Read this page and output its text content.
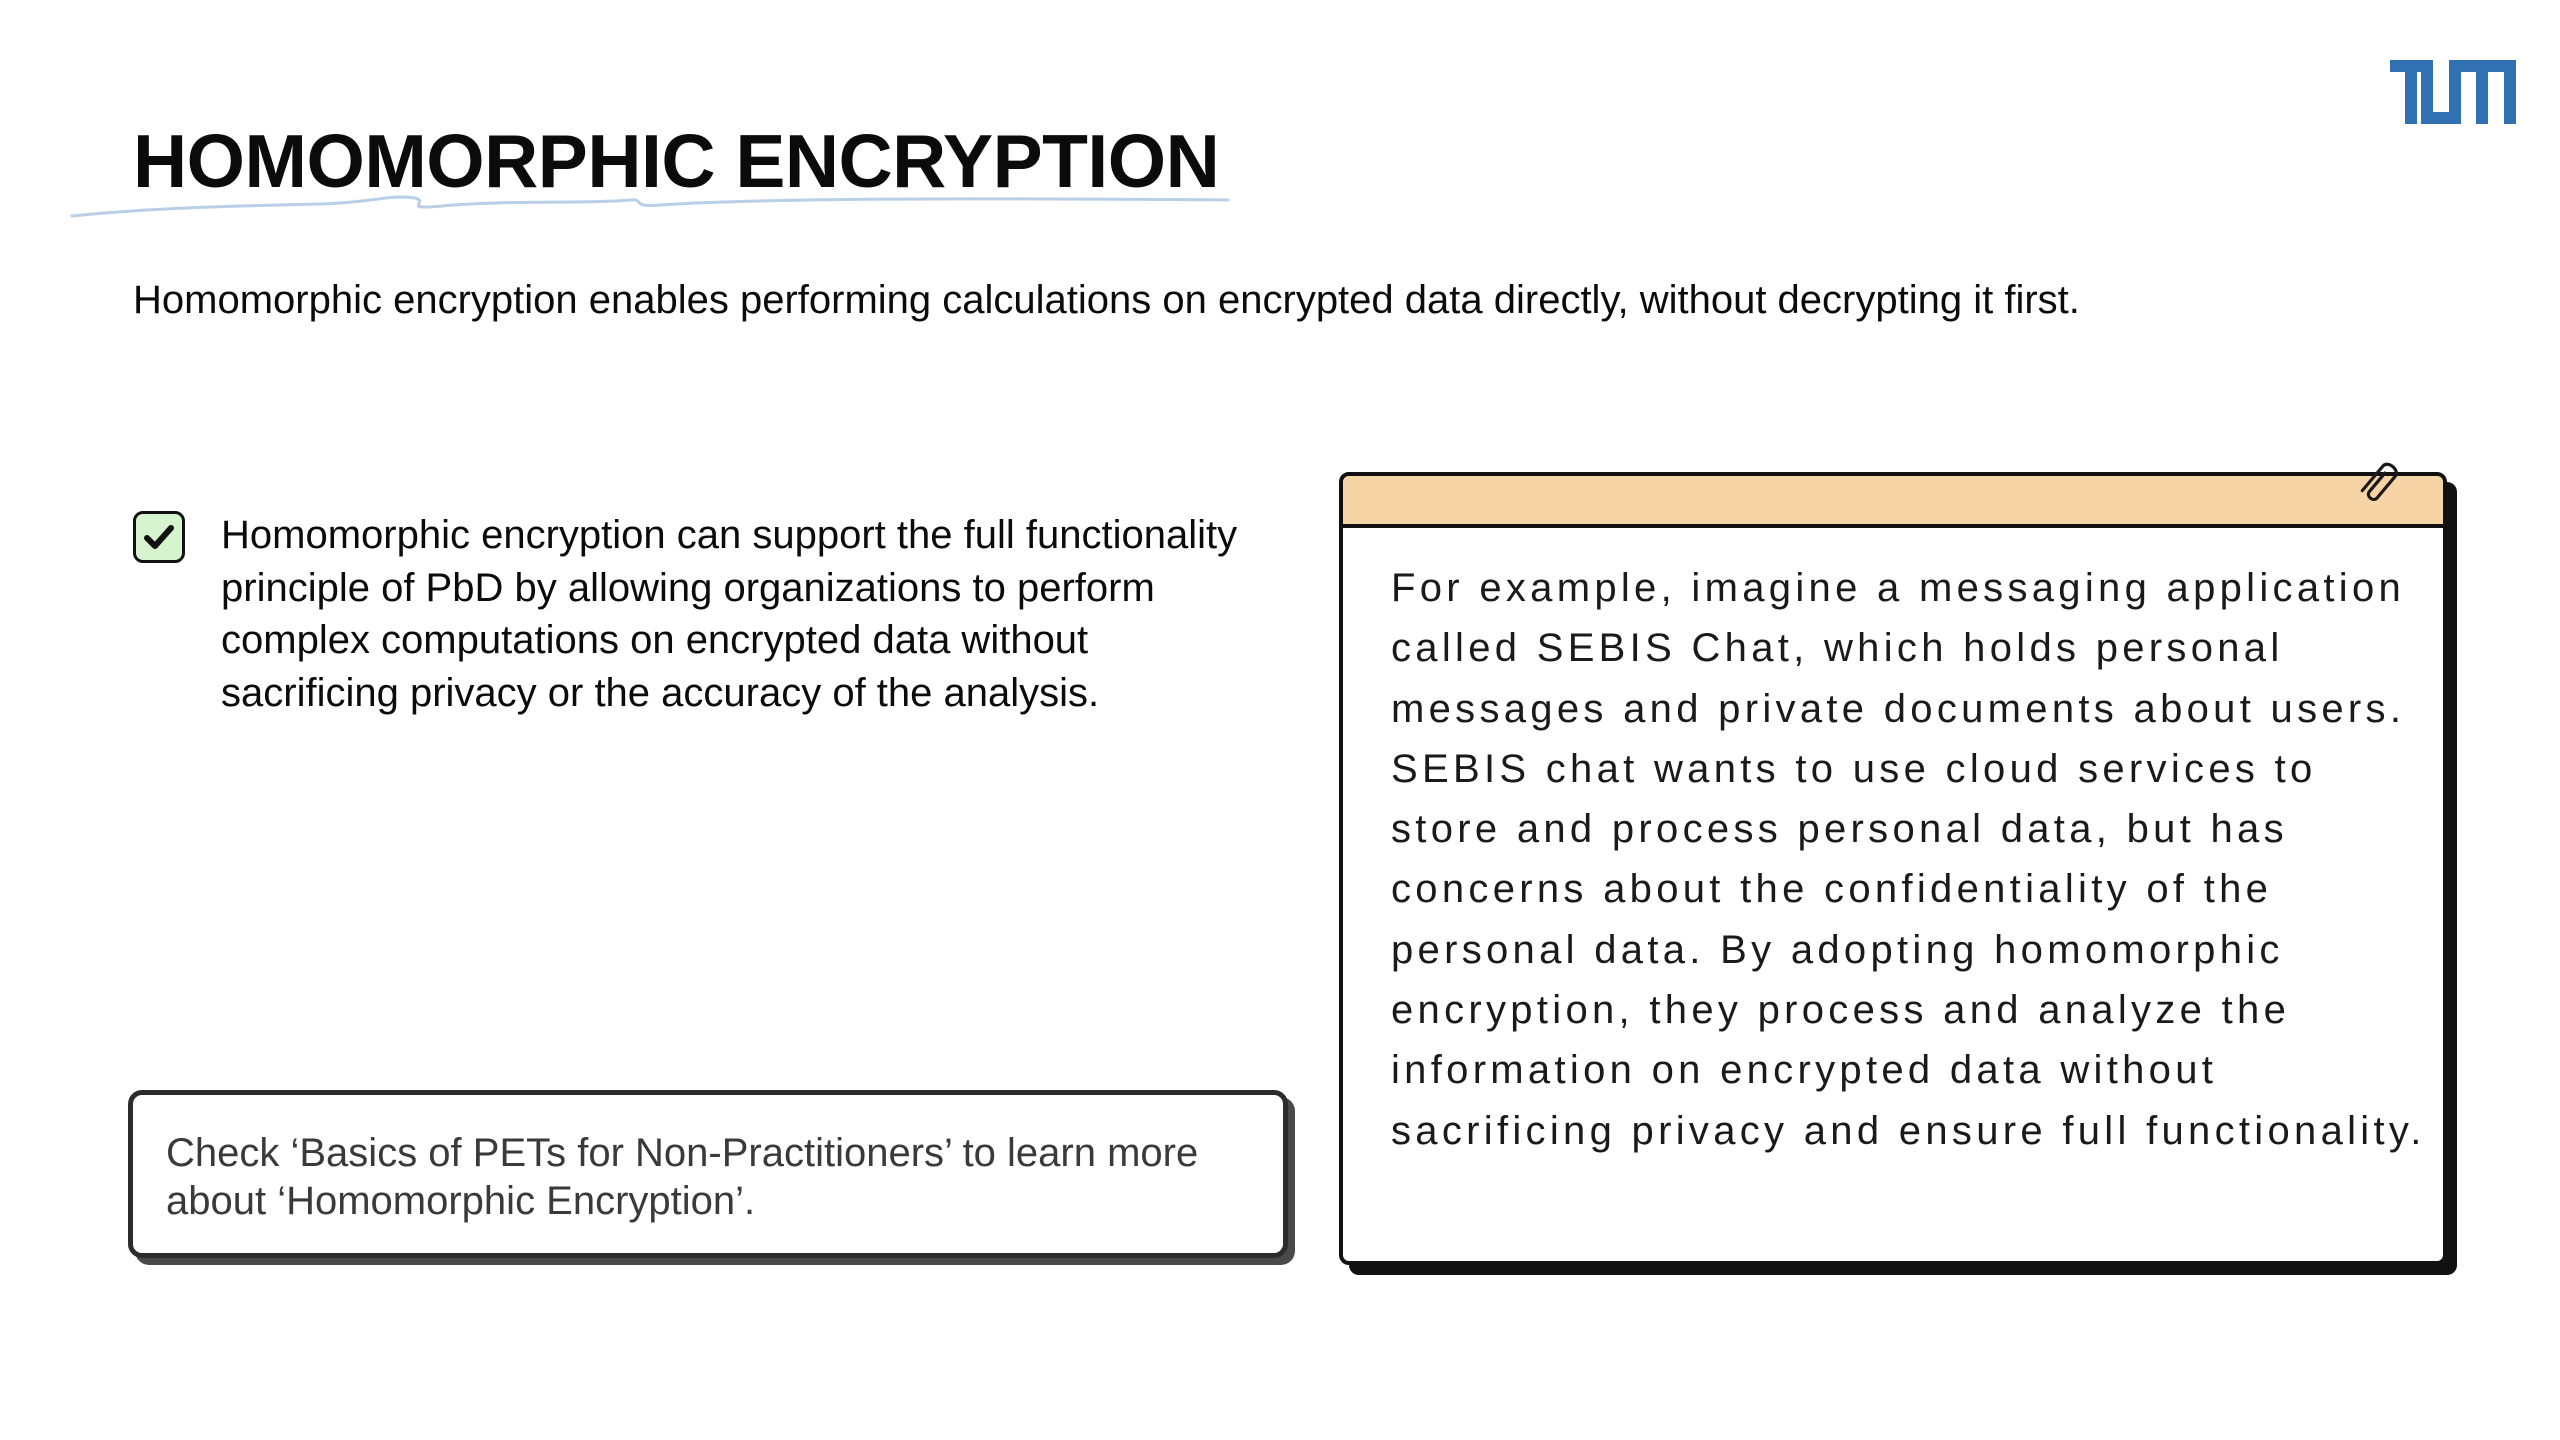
HOMOMORPHIC ENCRYPTION

Homomorphic encryption enables performing calculations on encrypted data directly, without decrypting it first.

Homomorphic encryption can support the full functionality principle of PbD by allowing organizations to perform complex computations on encrypted data without sacrificing privacy or the accuracy of the analysis.

Check ‘Basics of PETs for Non-Practitioners’ to learn more about ‘Homomorphic Encryption’.

For example, imagine a messaging application called SEBIS Chat, which holds personal messages and private documents about users. SEBIS chat wants to use cloud services to store and process personal data, but has concerns about the confidentiality of the personal data. By adopting homomorphic encryption, they process and analyze the information on encrypted data without sacrificing privacy and ensure full functionality.
